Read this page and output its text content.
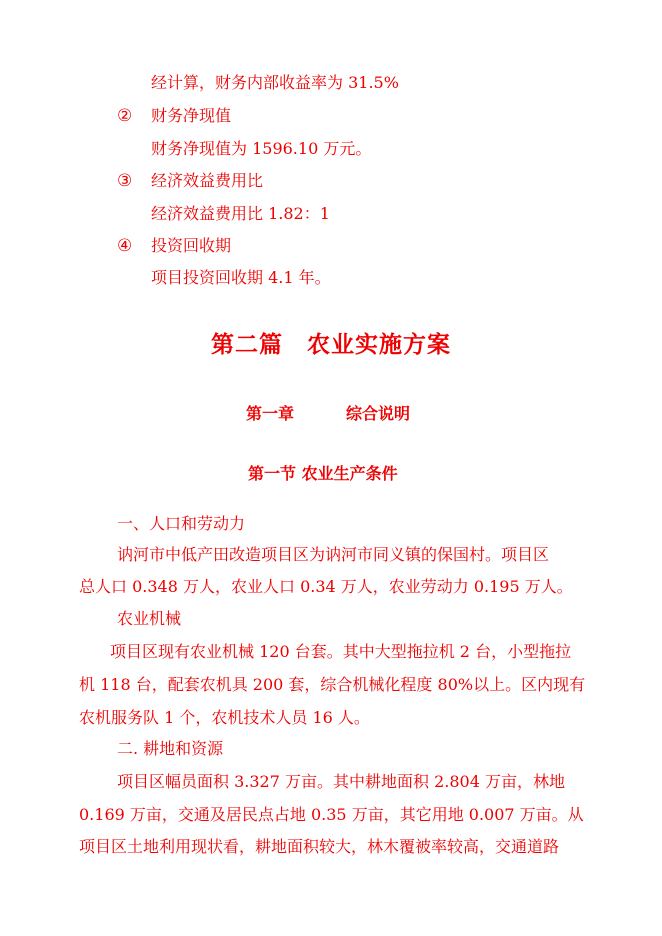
经计算，财务内部收益率为 31.5%

② 财务净现值

财务净现值为 1596.10 万元。

③ 经济效益费用比

经济效益费用比 1.82：1

④ 投资回收期

项目投资回收期 4.1 年。

第二篇　农业实施方案
第一章	综合说明
第一节 农业生产条件

一、人口和劳动力

讷河市中低产田改造项目区为讷河市同义镇的保国村。项目区

总人口 0.348 万人，农业人口 0.34 万人，农业劳动力 0.195 万人。

农业机械

项目区现有农业机械 120 台套。其中大型拖拉机 2 台，小型拖拉

机 118 台，配套农机具 200 套，综合机械化程度 80%以上。区内现有

农机服务队 1 个，农机技术人员 16 人。

二. 耕地和资源

项目区幅员面积 3.327 万亩。其中耕地面积 2.804 万亩，林地

0.169 万亩，交通及居民点占地 0.35 万亩，其它用地 0.007 万亩。从

项目区土地利用现状看，耕地面积较大，林木覆被率较高，交通道路
